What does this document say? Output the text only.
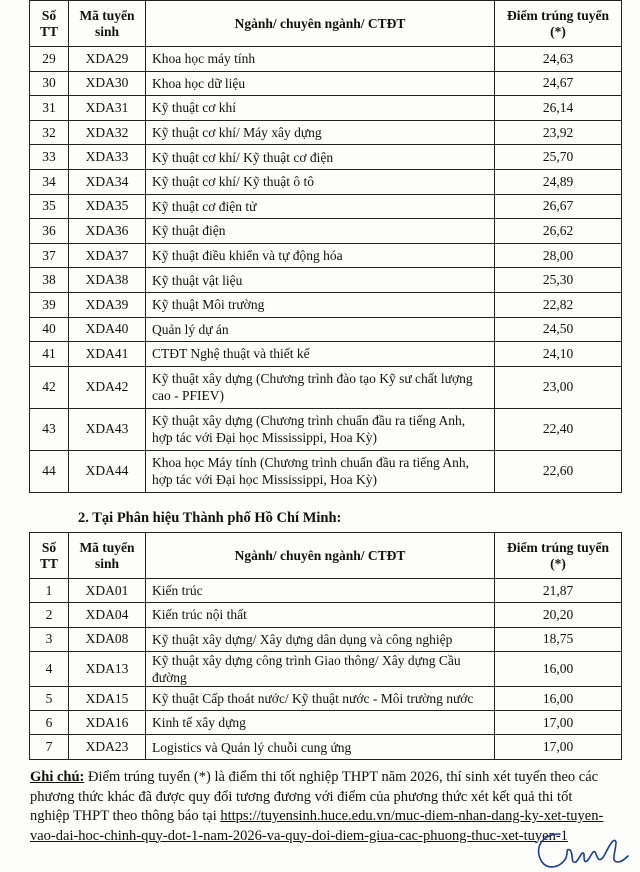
Số TT	Mã tuyển sinh	Ngành/ chuyên ngành/ CTĐT	Điểm trúng tuyển (*)
29	XDA29	Khoa học máy tính	24,63
30	XDA30	Khoa học dữ liệu	24,67
31	XDA31	Kỹ thuật cơ khí	26,14
32	XDA32	Kỹ thuật cơ khí/ Máy xây dựng	23,92
33	XDA33	Kỹ thuật cơ khí/ Kỹ thuật cơ điện	25,70
34	XDA34	Kỹ thuật cơ khí/ Kỹ thuật ô tô	24,89
35	XDA35	Kỹ thuật cơ điện tử	26,67
36	XDA36	Kỹ thuật điện	26,62
37	XDA37	Kỹ thuật điều khiển và tự động hóa	28,00
38	XDA38	Kỹ thuật vật liệu	25,30
39	XDA39	Kỹ thuật Môi trường	22,82
40	XDA40	Quản lý dự án	24,50
41	XDA41	CTĐT Nghệ thuật và thiết kế	24,10
42	XDA42	Kỹ thuật xây dựng (Chương trình đào tạo Kỹ sư chất lượng cao - PFIEV)	23,00
43	XDA43	Kỹ thuật xây dựng (Chương trình chuẩn đầu ra tiếng Anh, hợp tác với Đại học Mississippi, Hoa Kỳ)	22,40
44	XDA44	Khoa học Máy tính (Chương trình chuẩn đầu ra tiếng Anh, hợp tác với Đại học Mississippi, Hoa Kỳ)	22,60
2. Tại Phân hiệu Thành phố Hồ Chí Minh:
Số TT	Mã tuyển sinh	Ngành/ chuyên ngành/ CTĐT	Điểm trúng tuyển (*)
1	XDA01	Kiến trúc	21,87
2	XDA04	Kiến trúc nội thất	20,20
3	XDA08	Kỹ thuật xây dựng/ Xây dựng dân dụng và công nghiệp	18,75
4	XDA13	Kỹ thuật xây dựng công trình Giao thông/ Xây dựng Cầu đường	16,00
5	XDA15	Kỹ thuật Cấp thoát nước/ Kỹ thuật nước - Môi trường nước	16,00
6	XDA16	Kinh tế xây dựng	17,00
7	XDA23	Logistics và Quản lý chuỗi cung ứng	17,00
Ghi chú: Điểm trúng tuyển (*) là điểm thi tốt nghiệp THPT năm 2026, thí sinh xét tuyển theo các phương thức khác đã được quy đổi tương đương với điểm của phương thức xét kết quả thi tốt nghiệp THPT theo thông báo tại https://tuyensinh.huce.edu.vn/muc-diem-nhan-dang-ky-xet-tuyen-vao-dai-hoc-chinh-quy-dot-1-nam-2026-va-quy-doi-diem-giua-cac-phuong-thuc-xet-tuyen-1
